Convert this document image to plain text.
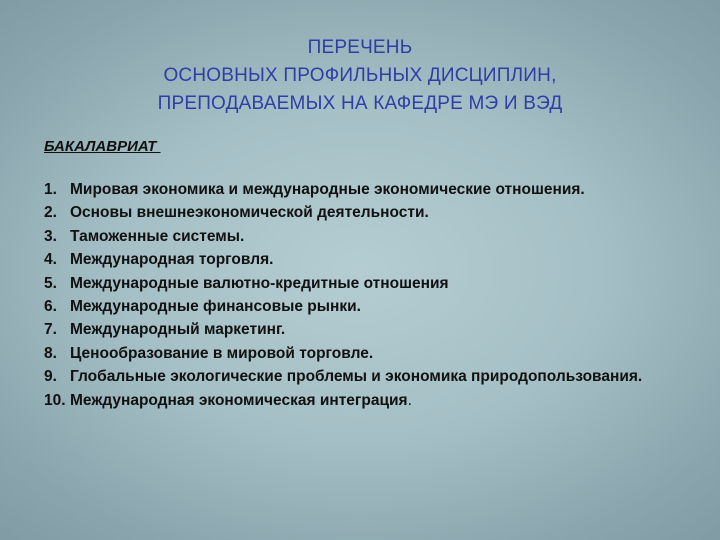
ПЕРЕЧЕНЬ
ОСНОВНЫХ ПРОФИЛЬНЫХ ДИСЦИПЛИН,
ПРЕПОДАВАЕМЫХ НА КАФЕДРЕ МЭ И ВЭД
БАКАЛАВРИАТ
1. Мировая экономика и международные экономические отношения.
2. Основы внешнеэкономической деятельности.
3. Таможенные системы.
4. Международная торговля.
5. Международные валютно-кредитные отношения
6. Международные финансовые рынки.
7. Международный маркетинг.
8. Ценообразование в мировой торговле.
9. Глобальные экологические проблемы и экономика природопользования.
10. Международная экономическая интеграция.
